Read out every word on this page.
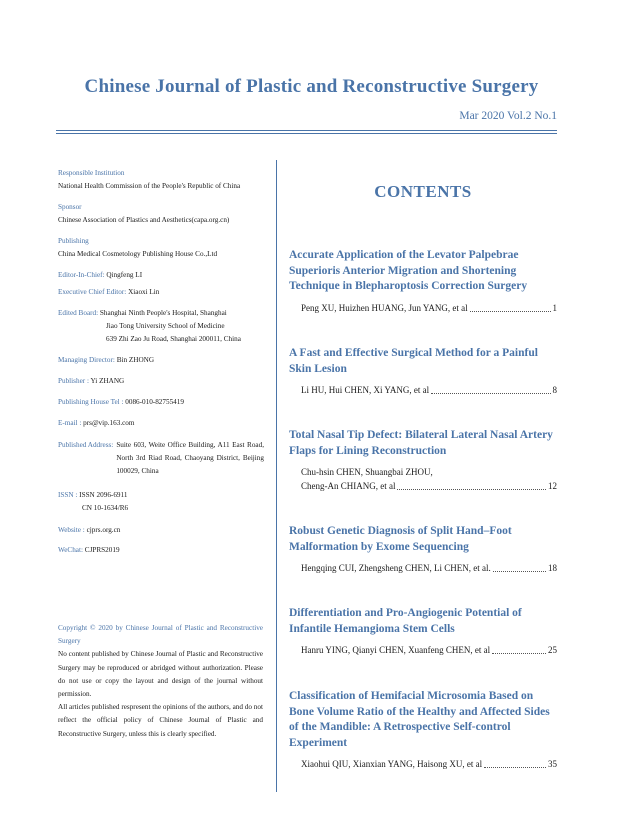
Chinese Journal of Plastic and Reconstructive Surgery
Mar 2020 Vol.2 No.1
Responsible Institution
National Health Commission of the People's Republic of China
Sponsor
Chinese Association of Plastics and Aesthetics(capa.org.cn)
Publishing
China Medical Cosmetology Publishing House Co.,Ltd
Editor-In-Chief: Qingfeng LI
Executive Chief Editor: Xiaoxi Lin
Edited Board: Shanghai Ninth People's Hospital, Shanghai
Jiao Tong University School of Medicine
639 Zhi Zao Ju Road, Shanghai 200011, China
Managing Director: Bin ZHONG
Publisher : Yi ZHANG
Publishing House Tel : 0086-010-82755419
E-mail : prs@vip.163.com
Published Address: Suite 603, Weite Office Building, A11 East Road, North 3rd Riad Road, Chaoyang District, Beijing 100029, China
ISSN : ISSN 2096-6911
CN 10-1634/R6
Website : cjprs.org.cn
WeChat: CJPRS2019
Copyright © 2020 by Chinese Journal of Plastic and Reconstructive Surgery
No content published by Chinese Journal of Plastic and Reconstructive Surgery may be reproduced or abridged without authorization. Please do not use or copy the layout and design of the journal without permission.
All articles published respresent the opinions of the authors, and do not reflect the official policy of Chinese Journal of Plastic and Reconstructive Surgery, unless this is clearly specified.
CONTENTS
Accurate Application of the Levator Palpebrae Superioris Anterior Migration and Shortening Technique in Blepharoptosis Correction Surgery
Peng XU, Huizhen HUANG, Jun YANG, et al	1
A Fast and Effective Surgical Method for a Painful Skin Lesion
Li HU, Hui CHEN, Xi YANG, et al	8
Total Nasal Tip Defect: Bilateral Lateral Nasal Artery Flaps for Lining Reconstruction
Chu-hsin CHEN, Shuangbai ZHOU,
Cheng-An CHIANG, et al	12
Robust Genetic Diagnosis of Split Hand–Foot Malformation by Exome Sequencing
Hengqing CUI, Zhengsheng CHEN, Li CHEN, et al.	18
Differentiation and Pro-Angiogenic Potential of Infantile Hemangioma Stem Cells
Hanru YING, Qianyi CHEN, Xuanfeng CHEN, et al	25
Classification of Hemifacial Microsomia Based on Bone Volume Ratio of the Healthy and Affected Sides of the Mandible: A Retrospective Self-control Experiment
Xiaohui QIU, Xianxian YANG, Haisong XU, et al	35
